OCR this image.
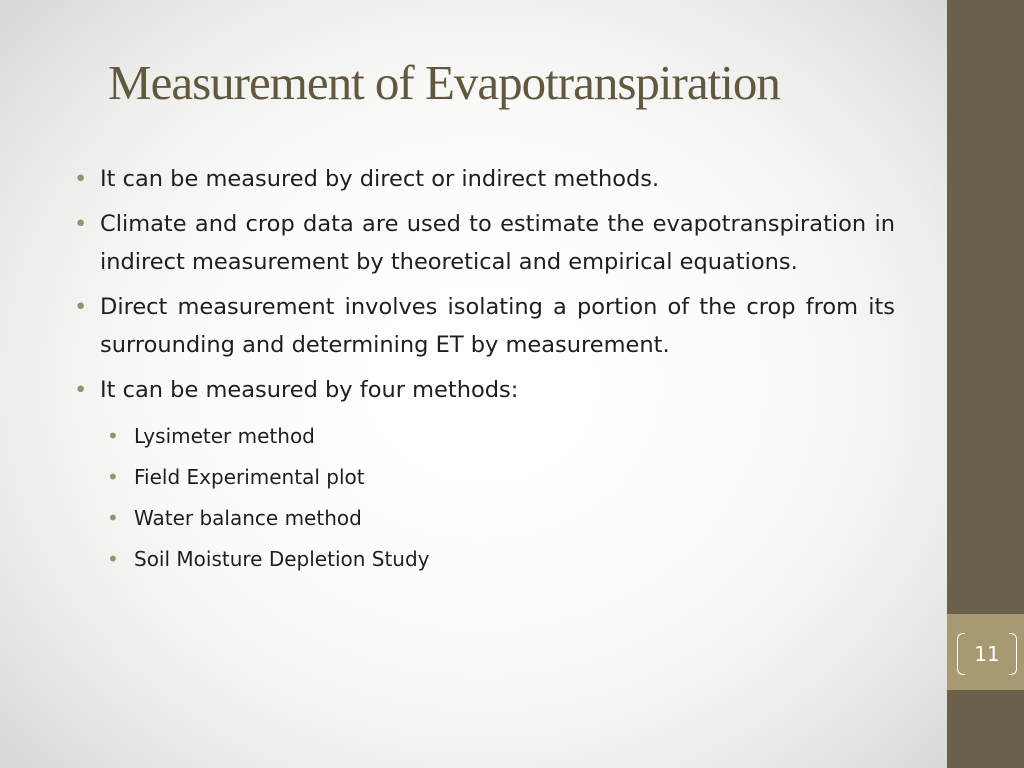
11
Measurement of Evapotranspiration
• It can be measured by direct or indirect methods.
• Climate and crop data are used to estimate the evapotranspiration in indirect measurement by theoretical and empirical equations.
• Direct measurement involves isolating a portion of the crop from its surrounding and determining ET by measurement.
• It can be measured by four methods:
• Lysimeter method
• Field Experimental plot
• Water balance method
• Soil Moisture Depletion Study
